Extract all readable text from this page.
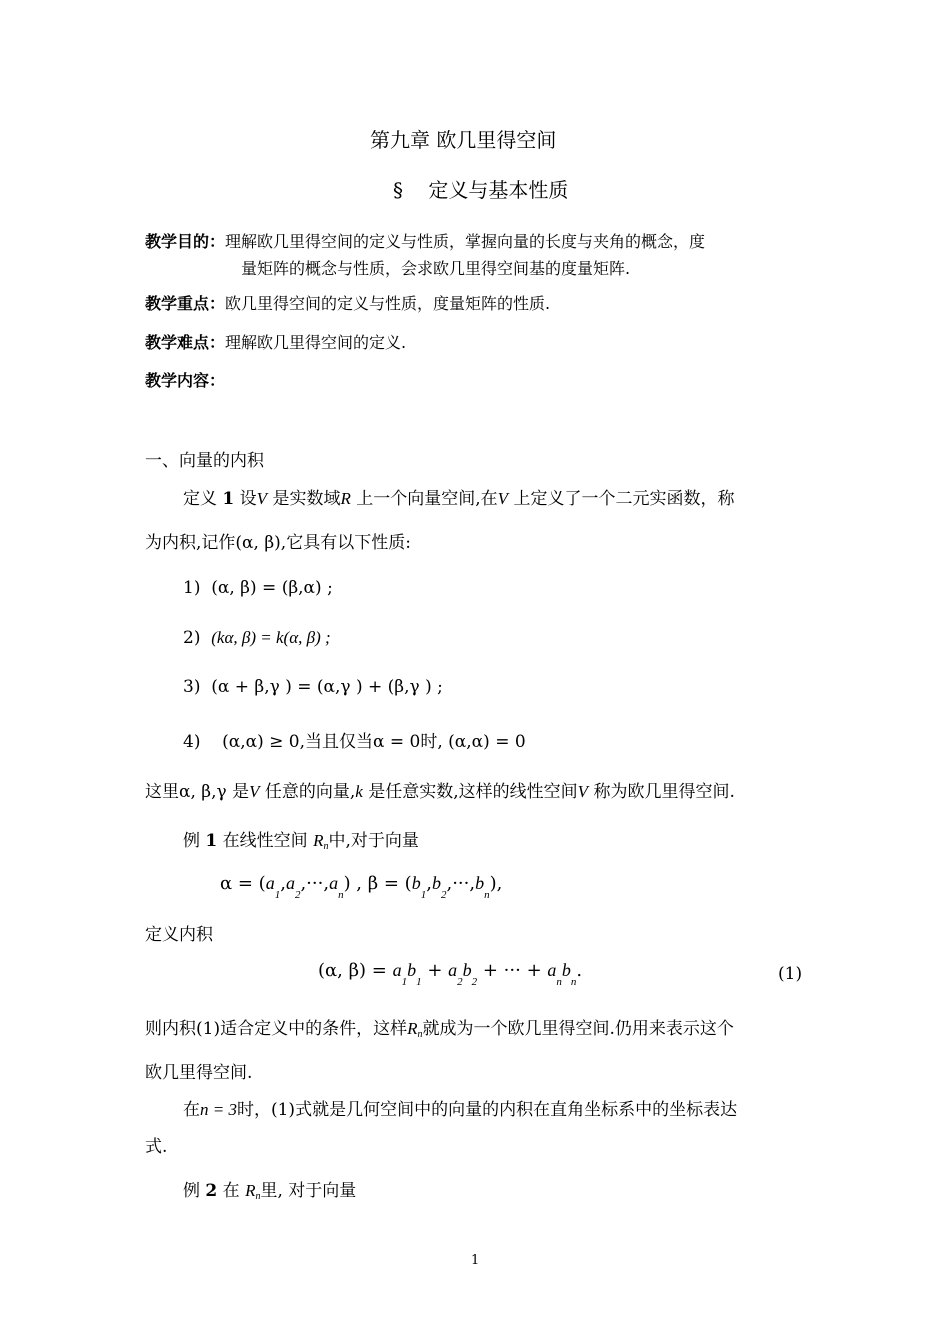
第九章 欧几里得空间
§    定义与基本性质
教学目的：理解欧几里得空间的定义与性质，掌握向量的长度与夹角的概念，度
量矩阵的概念与性质，会求欧几里得空间基的度量矩阵.
教学重点：欧几里得空间的定义与性质，度量矩阵的性质.
教学难点：理解欧几里得空间的定义.
教学内容：
一、向量的内积
定义 1 设V 是实数域R 上一个向量空间,在V 上定义了一个二元实函数，称
为内积,记作(α, β),它具有以下性质:
1) (α, β) = (β,α) ;
2) (kα, β) = k(α, β) ;
3) (α + β,γ ) = (α,γ ) + (β,γ ) ;
4) (α,α) ≥ 0,当且仅当α = 0时, (α,α) = 0
这里α, β,γ 是V 任意的向量,k 是任意实数,这样的线性空间V 称为欧几里得空间.
例 1 在线性空间 Rn中,对于向量
$\alpha = (a_1,a_2,\cdot\cdot\cdot,a_n)$ , $\beta = (b_1,b_2,\cdot\cdot\cdot,b_n)$,
定义内积
(α, $\beta) = a_1b_1 + a_2b_2$ + ··· + $a_nb_n$.	(1)
则内积(1)适合定义中的条件，这样Rn就成为一个欧几里得空间.仍用来表示这个
欧几里得空间.
在n = 3时，(1)式就是几何空间中的向量的内积在直角坐标系中的坐标表达
式.
例 2 在 Rn里, 对于向量
1
